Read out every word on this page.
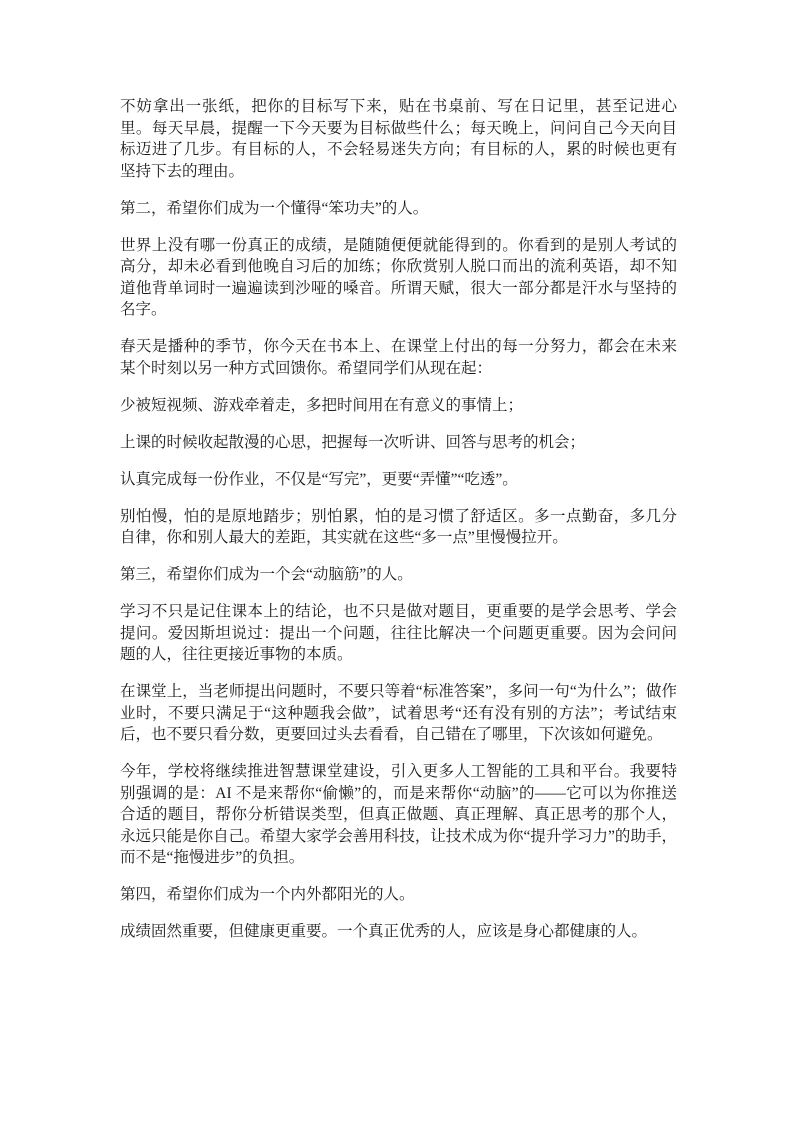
不妨拿出一张纸，把你的目标写下来，贴在书桌前、写在日记里，甚至记进心里。每天早晨，提醒一下今天要为目标做些什么；每天晚上，问问自己今天向目标迈进了几步。有目标的人，不会轻易迷失方向；有目标的人，累的时候也更有坚持下去的理由。

第二，希望你们成为一个懂得“笨功夫”的人。

世界上没有哪一份真正的成绩，是随随便便就能得到的。你看到的是别人考试的高分，却未必看到他晚自习后的加练；你欣赏别人脱口而出的流利英语，却不知道他背单词时一遍遍读到沙哑的嗓音。所谓天赋，很大一部分都是汗水与坚持的名字。

春天是播种的季节，你今天在书本上、在课堂上付出的每一分努力，都会在未来某个时刻以另一种方式回馈你。希望同学们从现在起：

少被短视频、游戏牵着走，多把时间用在有意义的事情上；

上课的时候收起散漫的心思，把握每一次听讲、回答与思考的机会；

认真完成每一份作业，不仅是“写完”，更要“弄懂”“吃透”。

别怕慢，怕的是原地踏步；别怕累，怕的是习惯了舒适区。多一点勤奋，多几分自律，你和别人最大的差距，其实就在这些“多一点”里慢慢拉开。

第三，希望你们成为一个会“动脑筋”的人。

学习不只是记住课本上的结论，也不只是做对题目，更重要的是学会思考、学会提问。爱因斯坦说过：提出一个问题，往往比解决一个问题更重要。因为会问问题的人，往往更接近事物的本质。

在课堂上，当老师提出问题时，不要只等着“标准答案”，多问一句“为什么”；做作业时，不要只满足于“这种题我会做”，试着思考“还有没有别的方法”；考试结束后，也不要只看分数，更要回过头去看看，自己错在了哪里，下次该如何避免。

今年，学校将继续推进智慧课堂建设，引入更多人工智能的工具和平台。我要特别强调的是：AI 不是来帮你“偷懒”的，而是来帮你“动脑”的——它可以为你推送合适的题目，帮你分析错误类型，但真正做题、真正理解、真正思考的那个人，永远只能是你自己。希望大家学会善用科技，让技术成为你“提升学习力”的助手，而不是“拖慢进步”的负担。

第四，希望你们成为一个内外都阳光的人。

成绩固然重要，但健康更重要。一个真正优秀的人，应该是身心都健康的人。
